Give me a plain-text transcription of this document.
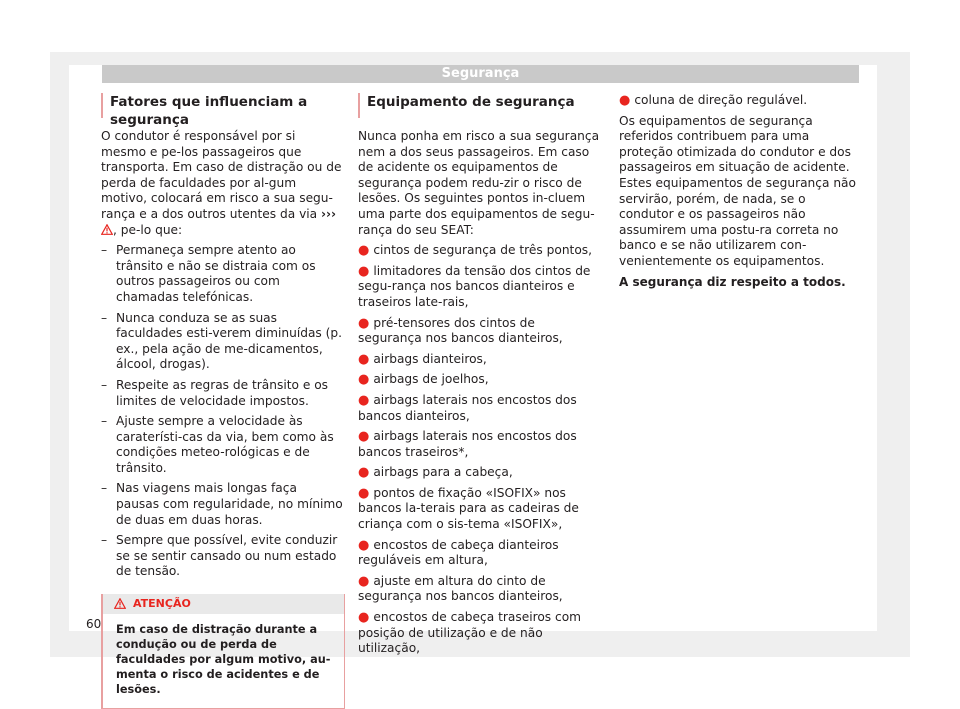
Segurança
Fatores que influenciam a segurança

O condutor é responsável por si mesmo e pe-los passageiros que transporta. Em caso de distração ou de perda de faculdades por al-gum motivo, colocará em risco a sua segu-rança e a dos outros utentes da via ››› , pe-lo que:

– Permaneça sempre atento ao trânsito e não se distraia com os outros passageiros ou com chamadas telefónicas.
– Nunca conduza se as suas faculdades esti-verem diminuídas (p. ex., pela ação de me-dicamentos, álcool, drogas).
– Respeite as regras de trânsito e os limites de velocidade impostos.
– Ajuste sempre a velocidade às caraterísti-cas da via, bem como às condições meteo-rológicas e de trânsito.
– Nas viagens mais longas faça pausas com regularidade, no mínimo de duas em duas horas.
– Sempre que possível, evite conduzir se se sentir cansado ou num estado de tensão.
ATENÇÃO
Em caso de distração durante a condução ou de perda de faculdades por algum motivo, au-menta o risco de acidentes e de lesões.
Equipamento de segurança

Nunca ponha em risco a sua segurança nem a dos seus passageiros. Em caso de acidente os equipamentos de segurança podem redu-zir o risco de lesões. Os seguintes pontos in-cluem uma parte dos equipamentos de segu-rança do seu SEAT:

● cintos de segurança de três pontos,
● limitadores da tensão dos cintos de segu-rança nos bancos dianteiros e traseiros late-rais,
● pré-tensores dos cintos de segurança nos bancos dianteiros,
● airbags dianteiros,
● airbags de joelhos,
● airbags laterais nos encostos dos bancos dianteiros,
● airbags laterais nos encostos dos bancos traseiros*,
● airbags para a cabeça,
● pontos de fixação «ISOFIX» nos bancos la-terais para as cadeiras de criança com o sis-tema «ISOFIX»,
● encostos de cabeça dianteiros reguláveis em altura,
● ajuste em altura do cinto de segurança nos bancos dianteiros,
● encostos de cabeça traseiros com posição de utilização e de não utilização,
● coluna de direção regulável.

Os equipamentos de segurança referidos contribuem para uma proteção otimizada do condutor e dos passageiros em situação de acidente. Estes equipamentos de segurança não servirão, porém, de nada, se o condutor e os passageiros não assumirem uma postu-ra correta no banco e se não utilizarem con-venientemente os equipamentos.

A segurança diz respeito a todos.

60
